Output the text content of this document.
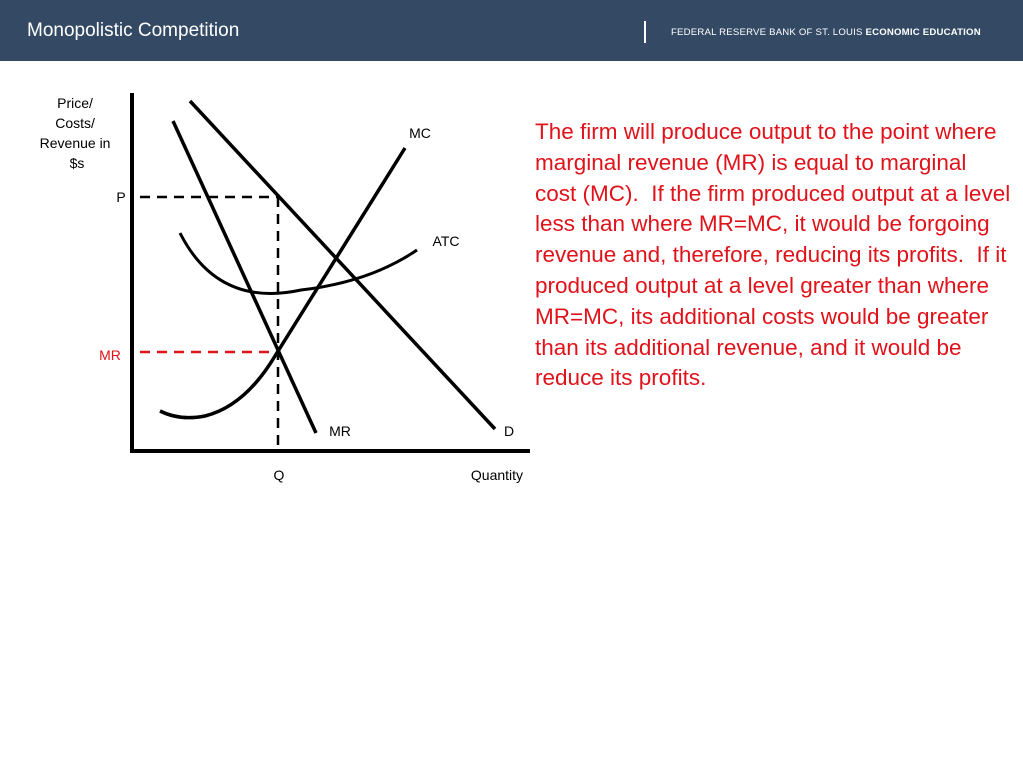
Monopolistic Competition	FEDERAL RESERVE BANK OF ST. LOUIS ECONOMIC EDUCATION
Price/ Costs/ Revenue in $s
P
MR
Q	Quantity
MC
ATC
MR	D

The firm will produce output to the point where marginal revenue (MR) is equal to marginal cost (MC).  If the firm produced output at a level less than where MR=MC, it would be forgoing revenue and, therefore, reducing its profits.  If it produced output at a level greater than where MR=MC, its additional costs would be greater than its additional revenue, and it would be reduce its profits.
